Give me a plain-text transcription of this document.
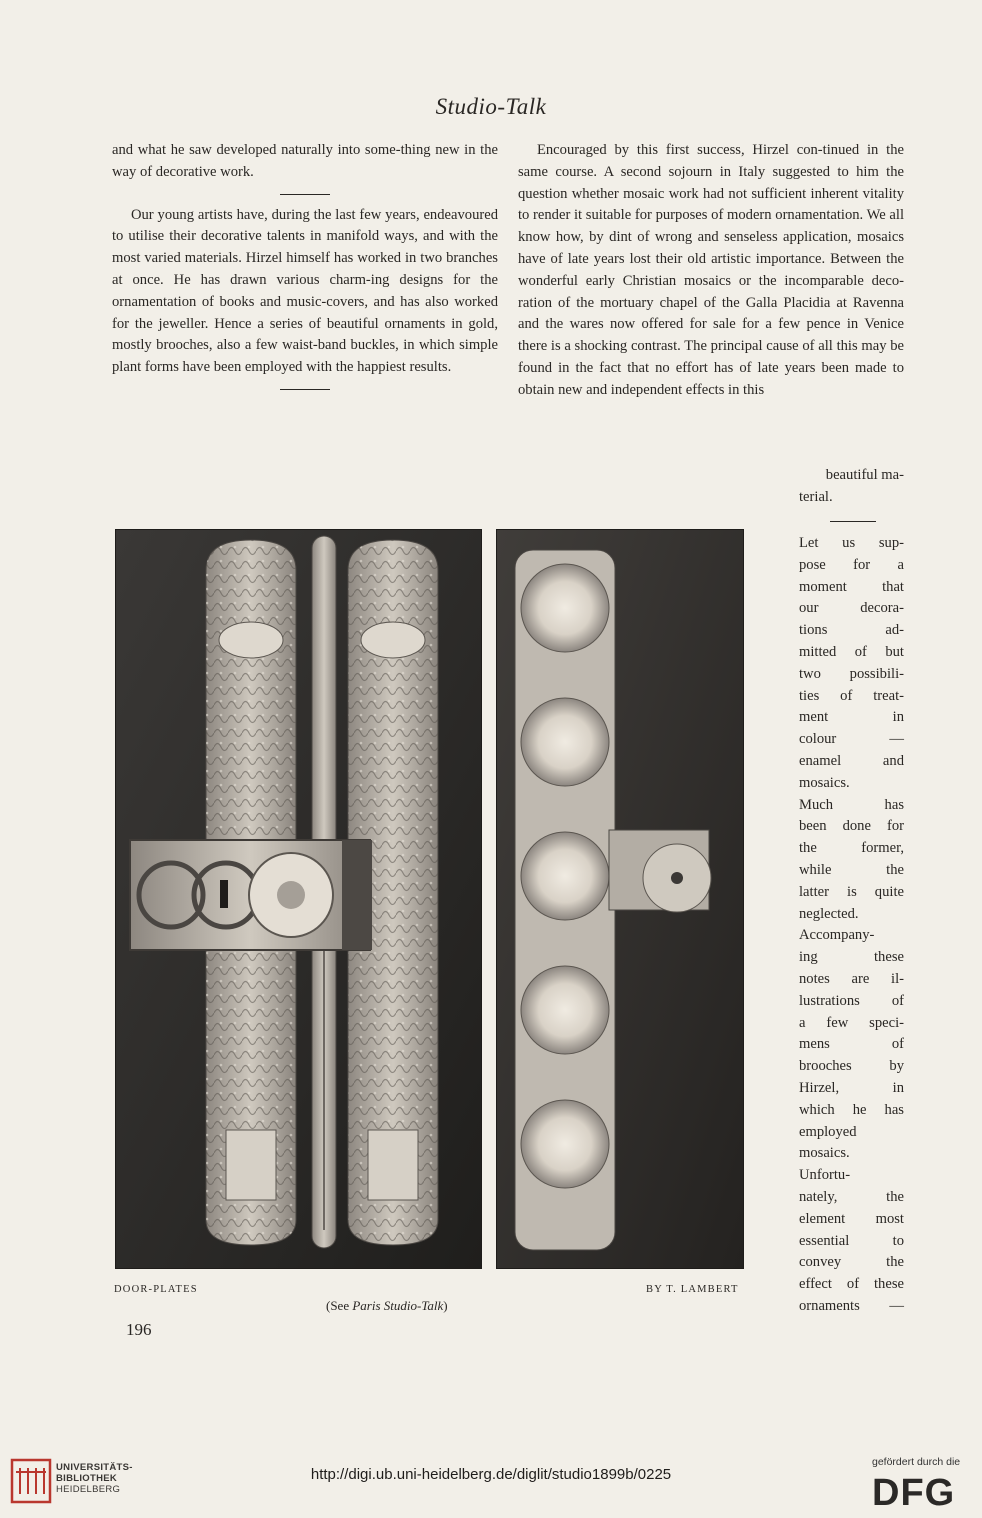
Studio-Talk

and what he saw developed naturally into some-thing new in the way of decorative work.

Our young artists have, during the last few years, endeavoured to utilise their decorative talents in manifold ways, and with the most varied materials. Hirzel himself has worked in two branches at once. He has drawn various charm-ing designs for the ornamentation of books and music-covers, and has also worked for the jeweller. Hence a series of beautiful ornaments in gold, mostly brooches, also a few waist-band buckles, in which simple plant forms have been employed with the happiest results.

Encouraged by this first success, Hirzel con-tinued in the same course. A second sojourn in Italy suggested to him the question whether mosaic work had not sufficient inherent vitality to render it suitable for purposes of modern ornamentation. We all know how, by dint of wrong and senseless application, mosaics have of late years lost their old artistic importance. Between the wonderful early Christian mosaics or the incomparable deco-ration of the mortuary chapel of the Galla Placidia at Ravenna and the wares now offered for sale for a few pence in Venice there is a shocking contrast. The principal cause of all this may be found in the fact that no effort has of late years been made to obtain new and independent effects in this

beautiful ma-
terial.
Let us sup-
pose for a
moment that
our decora-
tions ad-
mitted of but
two possibili-
ties of treat-
ment in
colour —
enamel and
mosaics.
Much has
been done for
the former,
while the
latter is quite
neglected.
Accompany-
ing these
notes are il-
lustrations of
a few speci-
mens of
brooches by
Hirzel, in
which he has
employed
mosaics.
Unfortu-
nately, the
element most
essential to
convey the
effect of these
ornaments —
DOOR-PLATES	BY T. LAMBERT
(See Paris Studio-Talk)
196
UNIVERSITÄTS-
BIBLIOTHEK
HEIDELBERG
http://digi.ub.uni-heidelberg.de/diglit/studio1899b/0225
gefördert durch die
DFG
